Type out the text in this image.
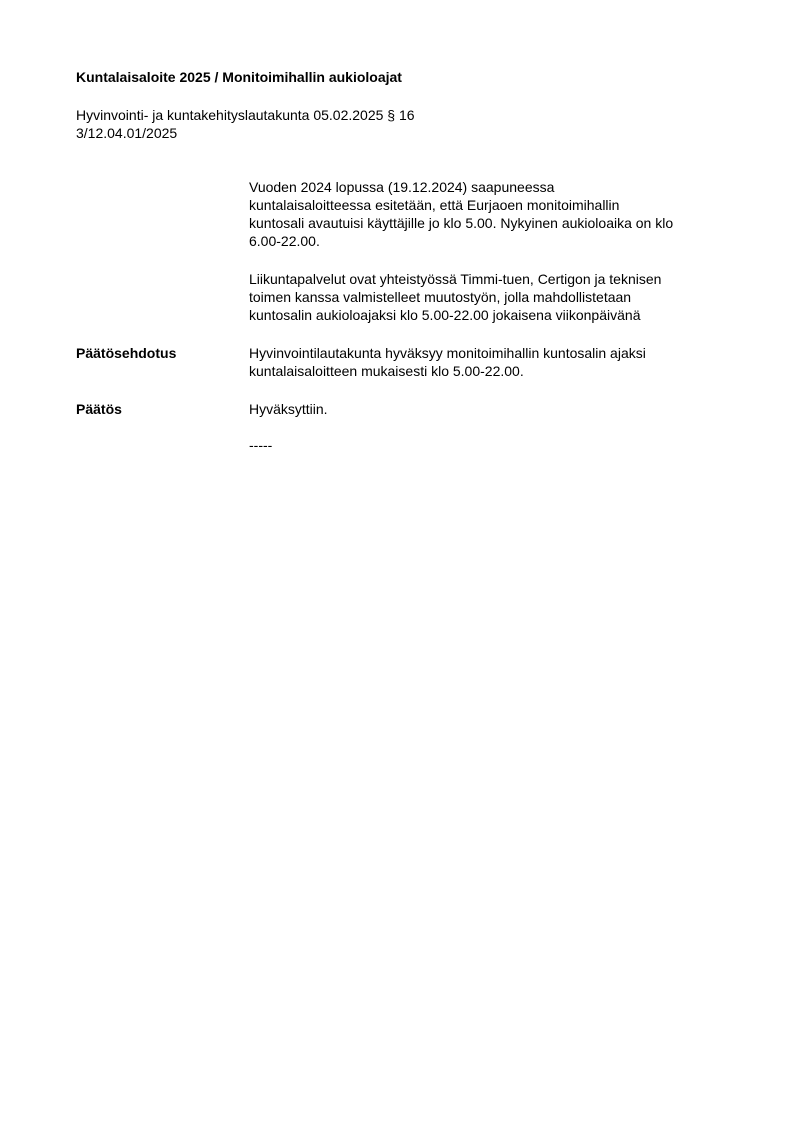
Kuntalaisaloite 2025 / Monitoimihallin aukioloajat
Hyvinvointi- ja kuntakehityslautakunta 05.02.2025 § 16
3/12.04.01/2025
Vuoden 2024 lopussa (19.12.2024) saapuneessa
kuntalaisaloitteessa esitetään, että Eurjaoen monitoimihallin
kuntosali avautuisi käyttäjille jo klo 5.00. Nykyinen aukioloaika on klo
6.00-22.00.
Liikuntapalvelut ovat yhteistyössä Timmi-tuen, Certigon ja teknisen
toimen kanssa valmistelleet muutostyön, jolla mahdollistetaan
kuntosalin aukioloajaksi klo 5.00-22.00 jokaisena viikonpäivänä
Päätösehdotus	Hyvinvointilautakunta hyväksyy monitoimihallin kuntosalin ajaksi
kuntalaisaloitteen mukaisesti klo 5.00-22.00.
Päätös	Hyväksyttiin.
-----
